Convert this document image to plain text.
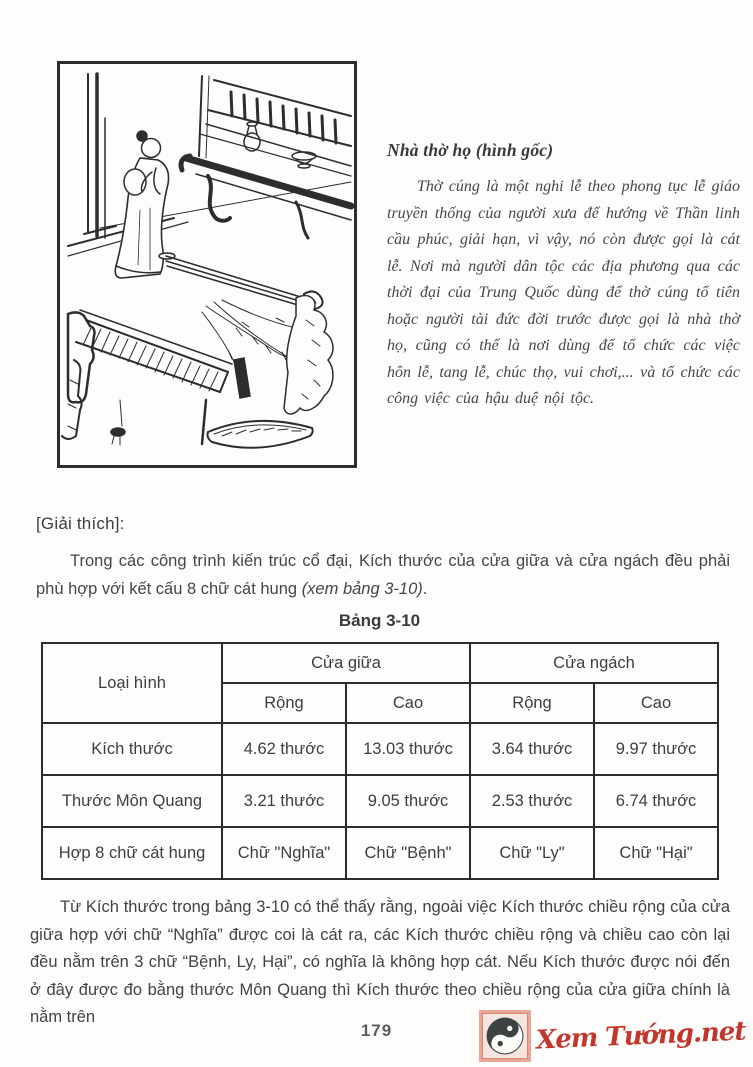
Nhà thờ họ (hình gốc)

Thờ cúng là một nghi lễ theo phong tục lễ giáo truyền thống của người xưa để hướng về Thần linh cầu phúc, giải hạn, vì vậy, nó còn được gọi là cát lễ. Nơi mà người dân tộc các địa phương qua các thời đại của Trung Quốc dùng để thờ cúng tổ tiên hoặc người tài đức đời trước được gọi là nhà thờ họ, cũng có thể là nơi dùng để tổ chức các việc hôn lễ, tang lễ, chúc thọ, vui chơi,... và tổ chức các công việc của hậu duệ nội tộc.

[Giải thích]:

Trong các công trình kiến trúc cổ đại, Kích thước của cửa giữa và cửa ngách đều phải phù hợp với kết cấu 8 chữ cát hung (xem bảng 3-10).

Bảng 3-10
Loại hình	Cửa giữa		Cửa ngách	
	Rộng	Cao	Rộng	Cao
Kích thước	4.62 thước	13.03 thước	3.64 thước	9.97 thước
Thước Môn Quang	3.21 thước	9.05 thước	2.53 thước	6.74 thước
Hợp 8 chữ cát hung	Chữ "Nghĩa"	Chữ "Bệnh"	Chữ "Ly"	Chữ "Hại"

Từ Kích thước trong bảng 3-10 có thể thấy rằng, ngoài việc Kích thước chiều rộng của cửa giữa hợp với chữ “Nghĩa” được coi là cát ra, các Kích thước chiều rộng và chiều cao còn lại đều nằm trên 3 chữ “Bệnh, Ly, Hại”, có nghĩa là không hợp cát. Nếu Kích thước được nói đến ở đây được đo bằng thước Môn Quang thì Kích thước theo chiều rộng của cửa giữa chính là nằm trên

179	Xem Tướng.net
